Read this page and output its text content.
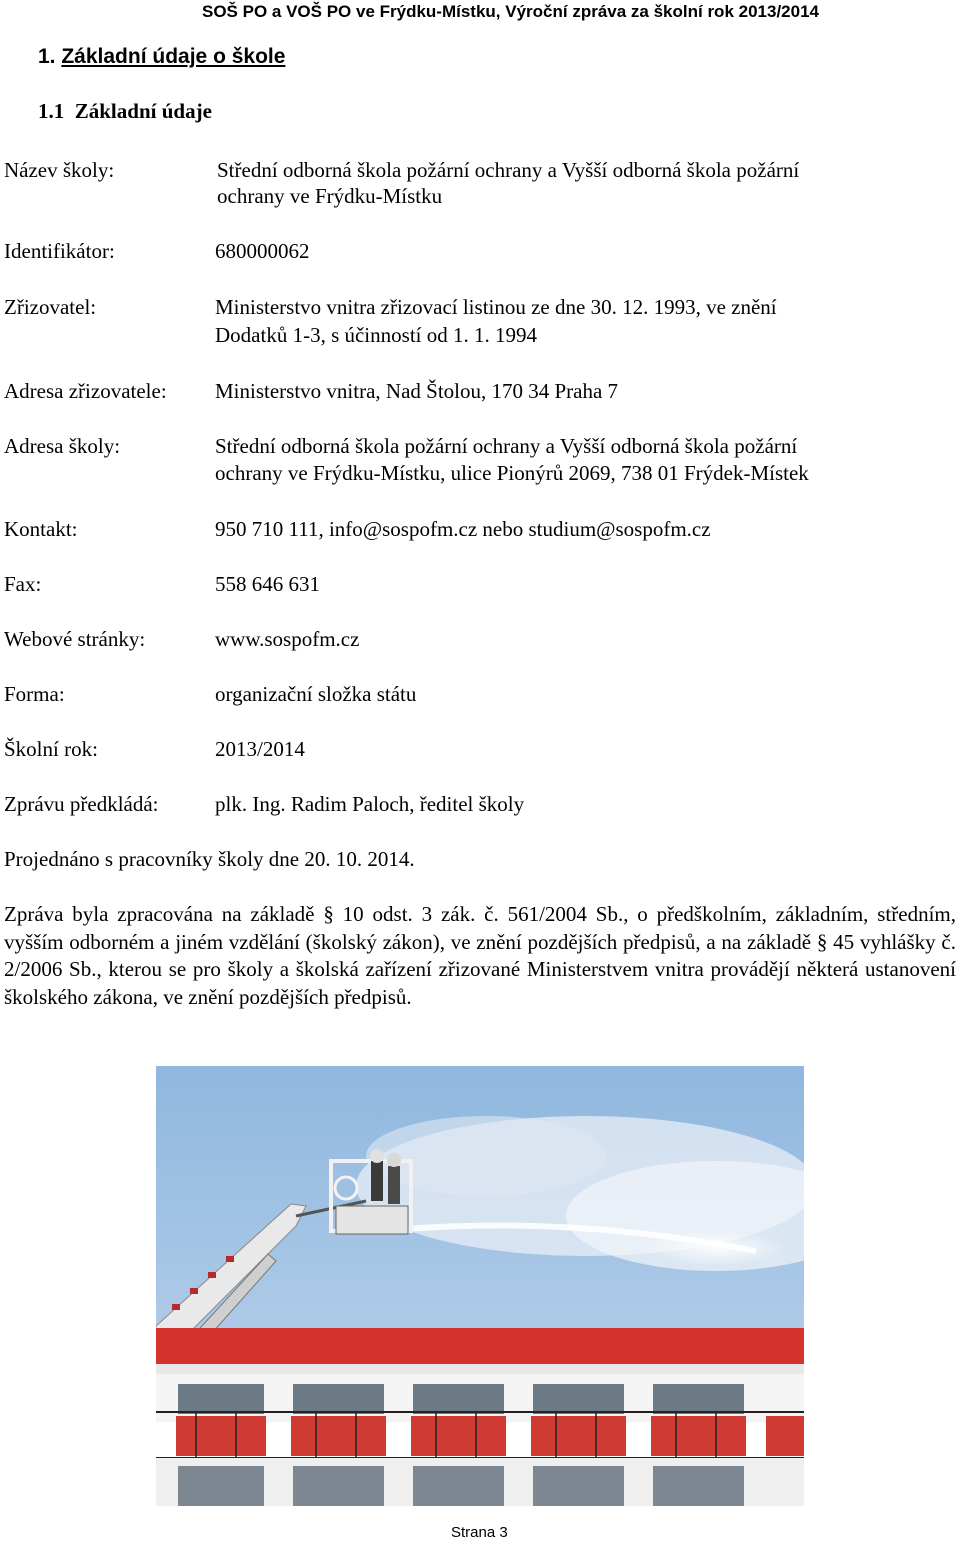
SOŠ PO a VOŠ PO ve Frýdku-Místku, Výroční zpráva za školní rok 2013/2014
1. Základní údaje o škole
1.1 Základní údaje
Název školy:	Střední odborná škola požární ochrany a Vyšší odborná škola požární
ochrany ve Frýdku-Místku
Identifikátor:	680000062
Zřizovatel:	Ministerstvo vnitra zřizovací listinou ze dne 30. 12. 1993, ve znění
Dodatků 1-3, s účinností od 1. 1. 1994
Adresa zřizovatele: Ministerstvo vnitra, Nad Štolou, 170 34 Praha 7
Adresa školy:	Střední odborná škola požární ochrany a Vyšší odborná škola požární
ochrany ve Frýdku-Místku, ulice Pionýrů 2069, 738 01 Frýdek-Místek
Kontakt:	950 710 111, info@sospofm.cz nebo studium@sospofm.cz
Fax:	558 646 631
Webové stránky:	www.sospofm.cz
Forma:	organizační složka státu
Školní rok:	2013/2014
Zprávu předkládá:	plk. Ing. Radim Paloch, ředitel školy
Projednáno s pracovníky školy dne 20. 10. 2014.
Zpráva byla zpracována na základě § 10 odst. 3 zák. č. 561/2004 Sb., o předškolním, základním, středním, vyšším odborném a jiném vzdělání (školský zákon), ve znění pozdějších předpisů, a na základě § 45 vyhlášky č. 2/2006 Sb., kterou se pro školy a školská zařízení zřizované Ministerstvem vnitra provádějí některá ustanovení školského zákona, ve znění pozdějších předpisů.
Strana 3
